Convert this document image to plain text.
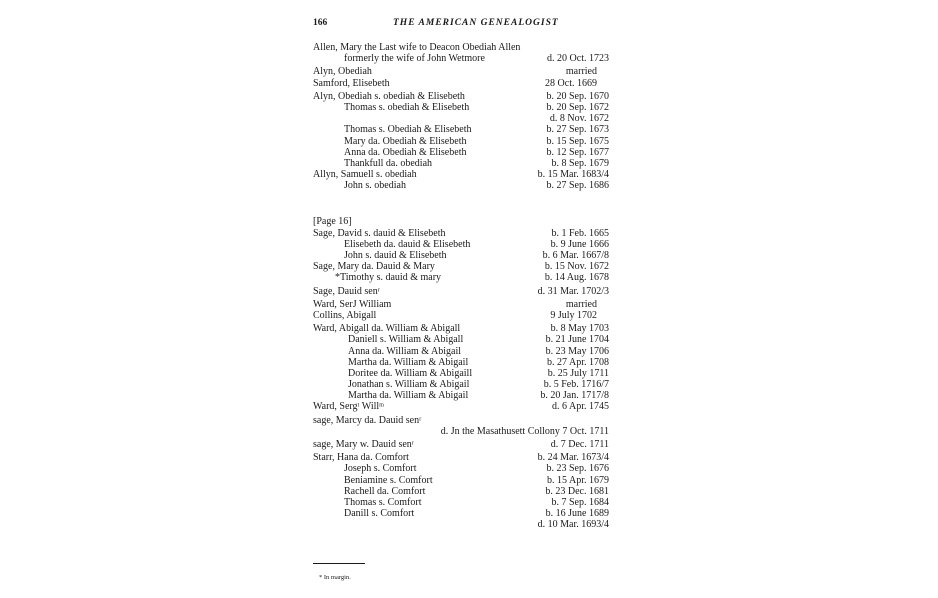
166	THE AMERICAN GENEALOGIST
Allen, Mary the Last wife to Deacon Obediah Allen
formerly the wife of John Wetmore	d. 20 Oct. 1723
Alyn, Obediah	married
Samford, Elisebeth	28 Oct. 1669
Alyn, Obediah s. obediah & Elisebeth	b. 20 Sep. 1670
Thomas s. obediah & Elisebeth	b. 20 Sep. 1672
d. 8 Nov. 1672
Thomas s. Obediah & Elisebeth	b. 27 Sep. 1673
Mary da. Obediah & Elisebeth	b. 15 Sep. 1675
Anna da. Obediah & Elisebeth	b. 12 Sep. 1677
Thankfull da. obediah	b. 8 Sep. 1679
Allyn, Samuell s. obediah	b. 15 Mar. 1683/4
John s. obediah	b. 27 Sep. 1686
[Page 16]
Sage, David s. dauid & Elisebeth	b. 1 Feb. 1665
Elisebeth da. dauid & Elisebeth	b. 9 June 1666
John s. dauid & Elisebeth	b. 6 Mar. 1667/8
Sage, Mary da. Dauid & Mary	b. 15 Nov. 1672
*Timothy s. dauid & mary	b. 14 Aug. 1678
Sage, Dauid senʳ	d. 31 Mar. 1702/3
Ward, SerJ William	married
Collins, Abigall	9 July 1702
Ward, Abigall da. William & Abigall	b. 8 May 1703
Daniell s. William & Abigall	b. 21 June 1704
Anna da. William & Abigail	b. 23 May 1706
Martha da. William & Abigail	b. 27 Apr. 1708
Doritee da. William & Abigaill	b. 25 July 1711
Jonathan s. William & Abigail	b. 5 Feb. 1716/7
Martha da. William & Abigail	b. 20 Jan. 1717/8
Ward, Sergᵗ Willᵐ	d. 6 Apr. 1745
sage, Marcy da. Dauid senʳ
d. Jn the Masathusett Collony 7 Oct. 1711
sage, Mary w. Dauid senʳ	d. 7 Dec. 1711
Starr, Hana da. Comfort	b. 24 Mar. 1673/4
Joseph s. Comfort	b. 23 Sep. 1676
Beniamine s. Comfort	b. 15 Apr. 1679
Rachell da. Comfort	b. 23 Dec. 1681
Thomas s. Comfort	b. 7 Sep. 1684
Danill s. Comfort	b. 16 June 1689
d. 10 Mar. 1693/4
* In margin.
